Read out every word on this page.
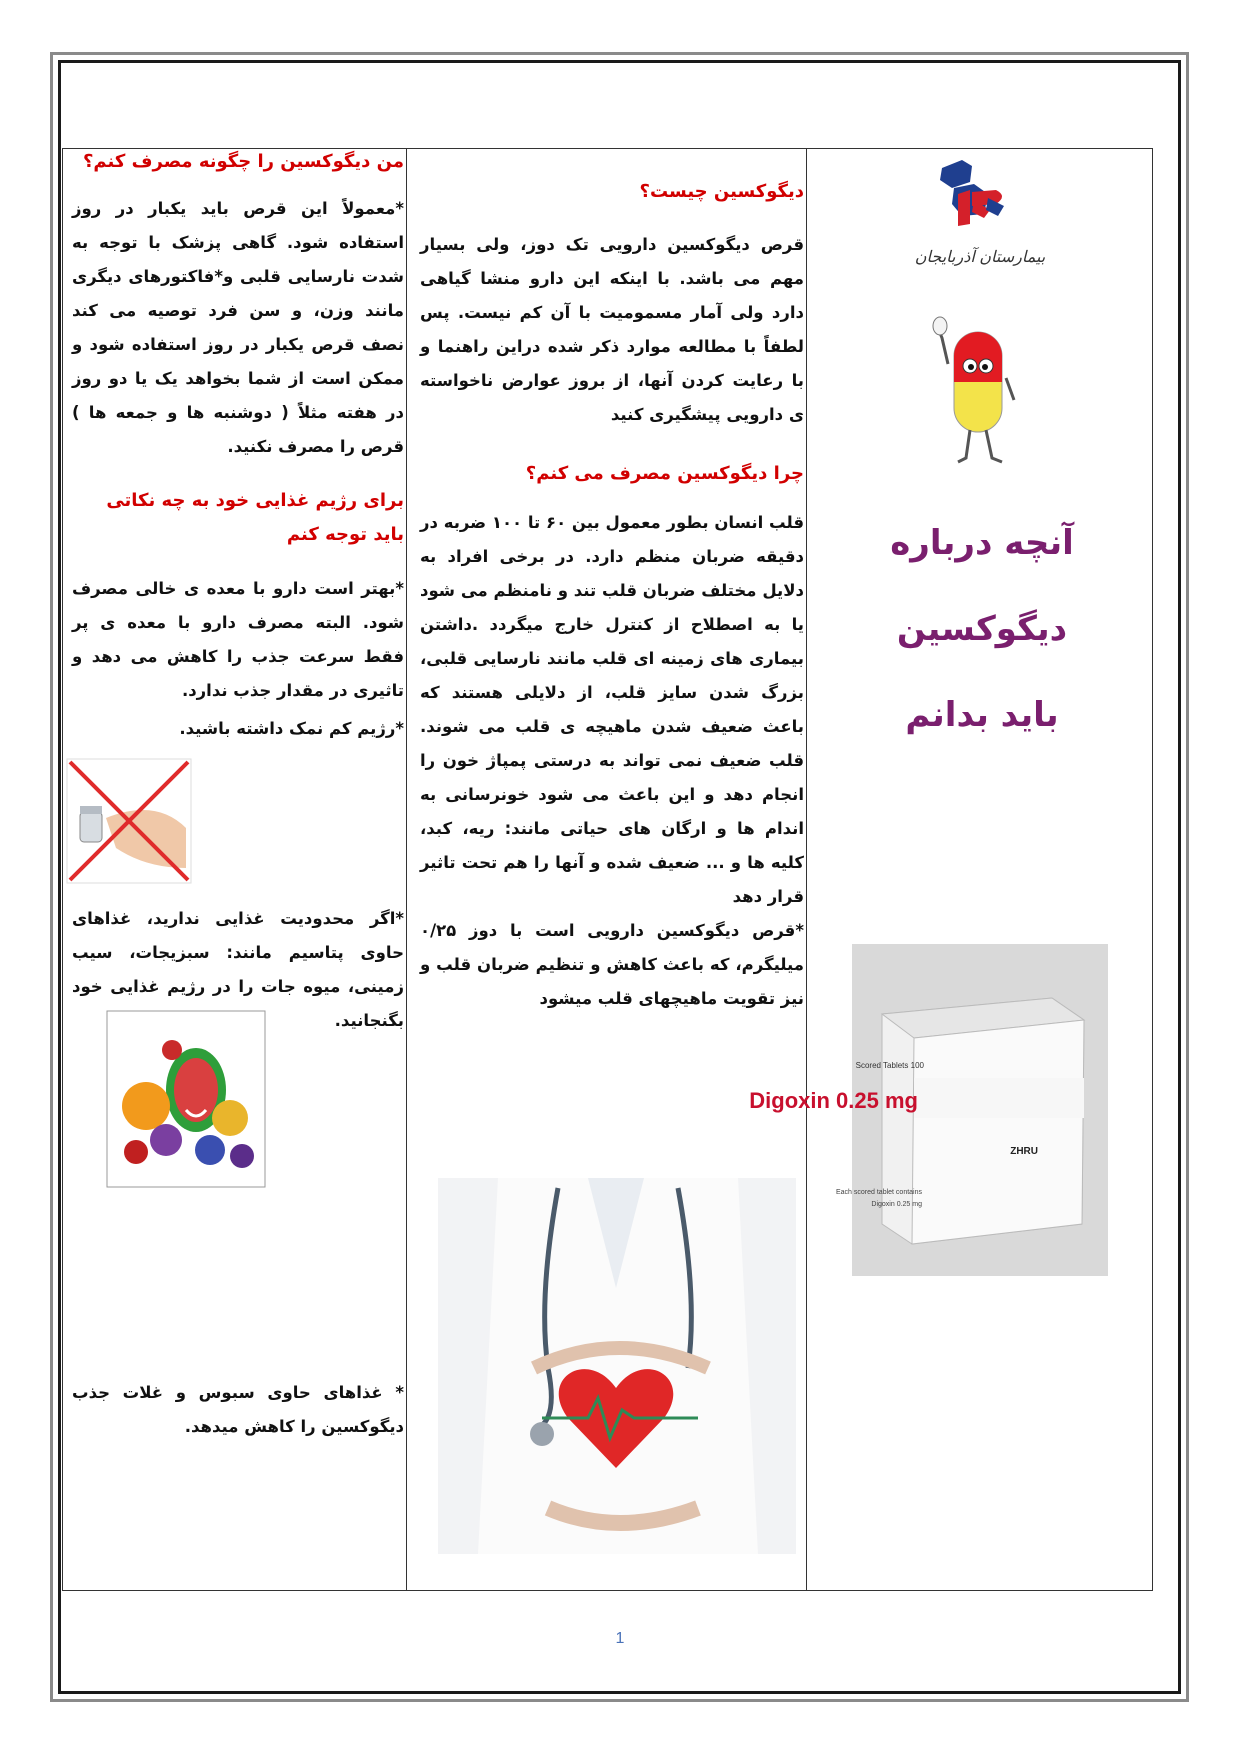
بیمارستان آذربایجان
آنچه درباره
دیگوکسین
باید بدانم
100 Scored Tablets
Digoxin 0.25 mg
ZHRU
Each scored tablet contains
Digoxin 0.25 mg
دیگوکسین چیست؟
قرص دیگوکسین دارویی تک دوز، ولی بسیار مهم می باشد. با اینکه این دارو منشا گیاهی دارد ولی آمار مسمومیت با آن کم نیست. پس لطفاً با مطالعه موارد ذکر شده دراین راهنما و با رعایت کردن آنها، از بروز عوارض ناخواسته ی دارویی پیشگیری کنید
چرا دیگوکسین مصرف می کنم؟
قلب انسان بطور معمول بین ۶۰ تا ۱۰۰ ضربه در دقیقه ضربان منظم دارد. در برخی افراد به دلایل مختلف ضربان قلب تند و نامنظم می شود یا به اصطلاح از کنترل خارج میگردد .داشتن بیماری های زمینه ای قلب مانند نارسایی قلبی، بزرگ شدن سایز قلب، از دلایلی هستند که باعث ضعیف شدن ماهیچه ی قلب می شوند. قلب ضعیف نمی تواند به درستی پمپاژ خون را انجام دهد و این باعث می شود خونرسانی به اندام ها و ارگان های حیاتی مانند: ریه، کبد، کلیه ها و ... ضعیف شده و آنها را هم تحت تاثیر قرار دهد
*قرص دیگوکسین دارویی است با دوز ۰/۲۵ میلیگرم، که باعث کاهش و تنظیم ضربان قلب و نیز تقویت ماهیچهای قلب میشود
من دیگوکسین را چگونه مصرف کنم؟
*معمولاً این قرص باید یکبار در روز استفاده شود. گاهی پزشک با توجه به شدت نارسایی قلبی و*فاکتورهای دیگری مانند وزن، و سن فرد توصیه می کند نصف قرص یکبار در روز استفاده شود و ممکن است از شما بخواهد یک یا دو روز در هفته مثلاً ( دوشنبه ها و جمعه ها ) قرص را مصرف نکنید.
برای رژیم غذایی خود به چه نکاتی باید توجه کنم
*بهتر است دارو با معده ی خالی مصرف شود. البته مصرف دارو با معده ی پر فقط سرعت جذب را کاهش می دهد و تاثیری در مقدار جذب ندارد.
*رژیم کم نمک داشته باشید.
*اگر محدودیت غذایی ندارید، غذاهای حاوی پتاسیم مانند: سبزیجات، سیب زمینی، میوه جات را در رژیم غذایی خود بگنجانید.
* غذاهای حاوی سبوس و غلات جذب دیگوکسین را کاهش میدهد.
1
